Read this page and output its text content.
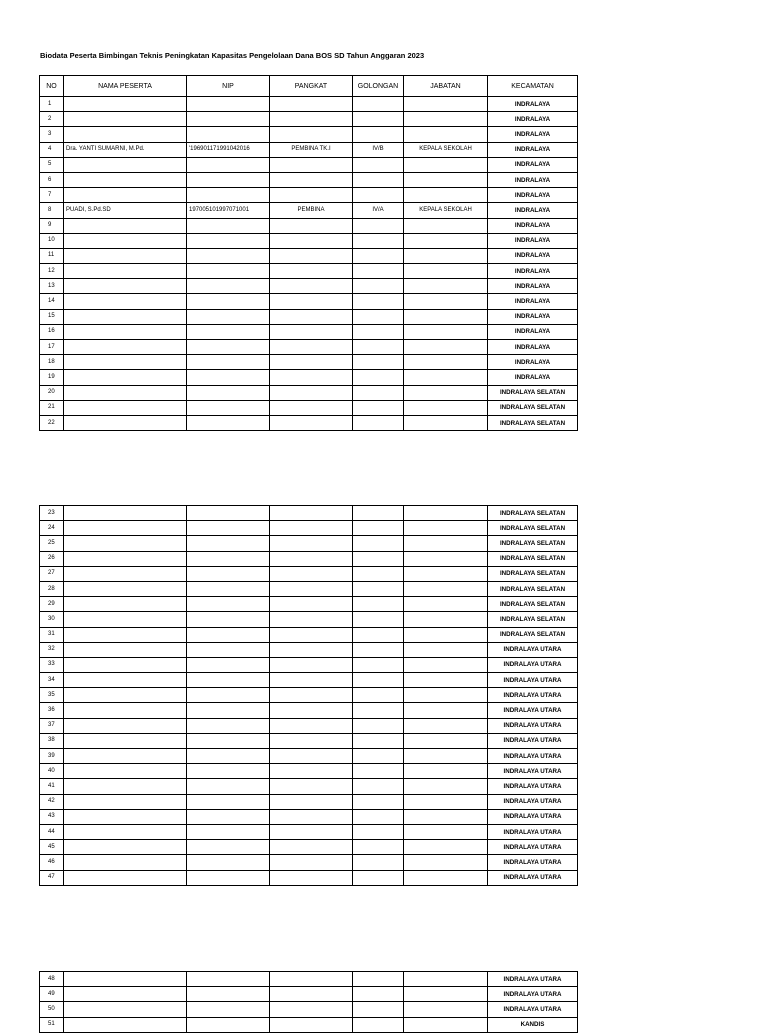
Biodata Peserta Bimbingan Teknis Peningkatan Kapasitas Pengelolaan Dana BOS SD Tahun Anggaran 2023
NO	NAMA PESERTA	NIP	PANGKAT	GOLONGAN	JABATAN	KECAMATAN
1						INDRALAYA
2						INDRALAYA
3						INDRALAYA
4	Dra. YANTI SUMARNI, M.Pd.	'196901171991042016	PEMBINA TK.I	IV/B	KEPALA SEKOLAH	INDRALAYA
5						INDRALAYA
6						INDRALAYA
7						INDRALAYA
8	PUADI, S.Pd.SD	197005101997071001	PEMBINA	IV/A	KEPALA SEKOLAH	INDRALAYA
9						INDRALAYA
10						INDRALAYA
11						INDRALAYA
12						INDRALAYA
13						INDRALAYA
14						INDRALAYA
15						INDRALAYA
16						INDRALAYA
17						INDRALAYA
18						INDRALAYA
19						INDRALAYA
20						INDRALAYA SELATAN
21						INDRALAYA SELATAN
22						INDRALAYA SELATAN
23						INDRALAYA SELATAN
24						INDRALAYA SELATAN
25						INDRALAYA SELATAN
26						INDRALAYA SELATAN
27						INDRALAYA SELATAN
28						INDRALAYA SELATAN
29						INDRALAYA SELATAN
30						INDRALAYA SELATAN
31						INDRALAYA SELATAN
32						INDRALAYA UTARA
33						INDRALAYA UTARA
34						INDRALAYA UTARA
35						INDRALAYA UTARA
36						INDRALAYA UTARA
37						INDRALAYA UTARA
38						INDRALAYA UTARA
39						INDRALAYA UTARA
40						INDRALAYA UTARA
41						INDRALAYA UTARA
42						INDRALAYA UTARA
43						INDRALAYA UTARA
44						INDRALAYA UTARA
45						INDRALAYA UTARA
46						INDRALAYA UTARA
47						INDRALAYA UTARA
48						INDRALAYA UTARA
49						INDRALAYA UTARA
50						INDRALAYA UTARA
51						KANDIS
